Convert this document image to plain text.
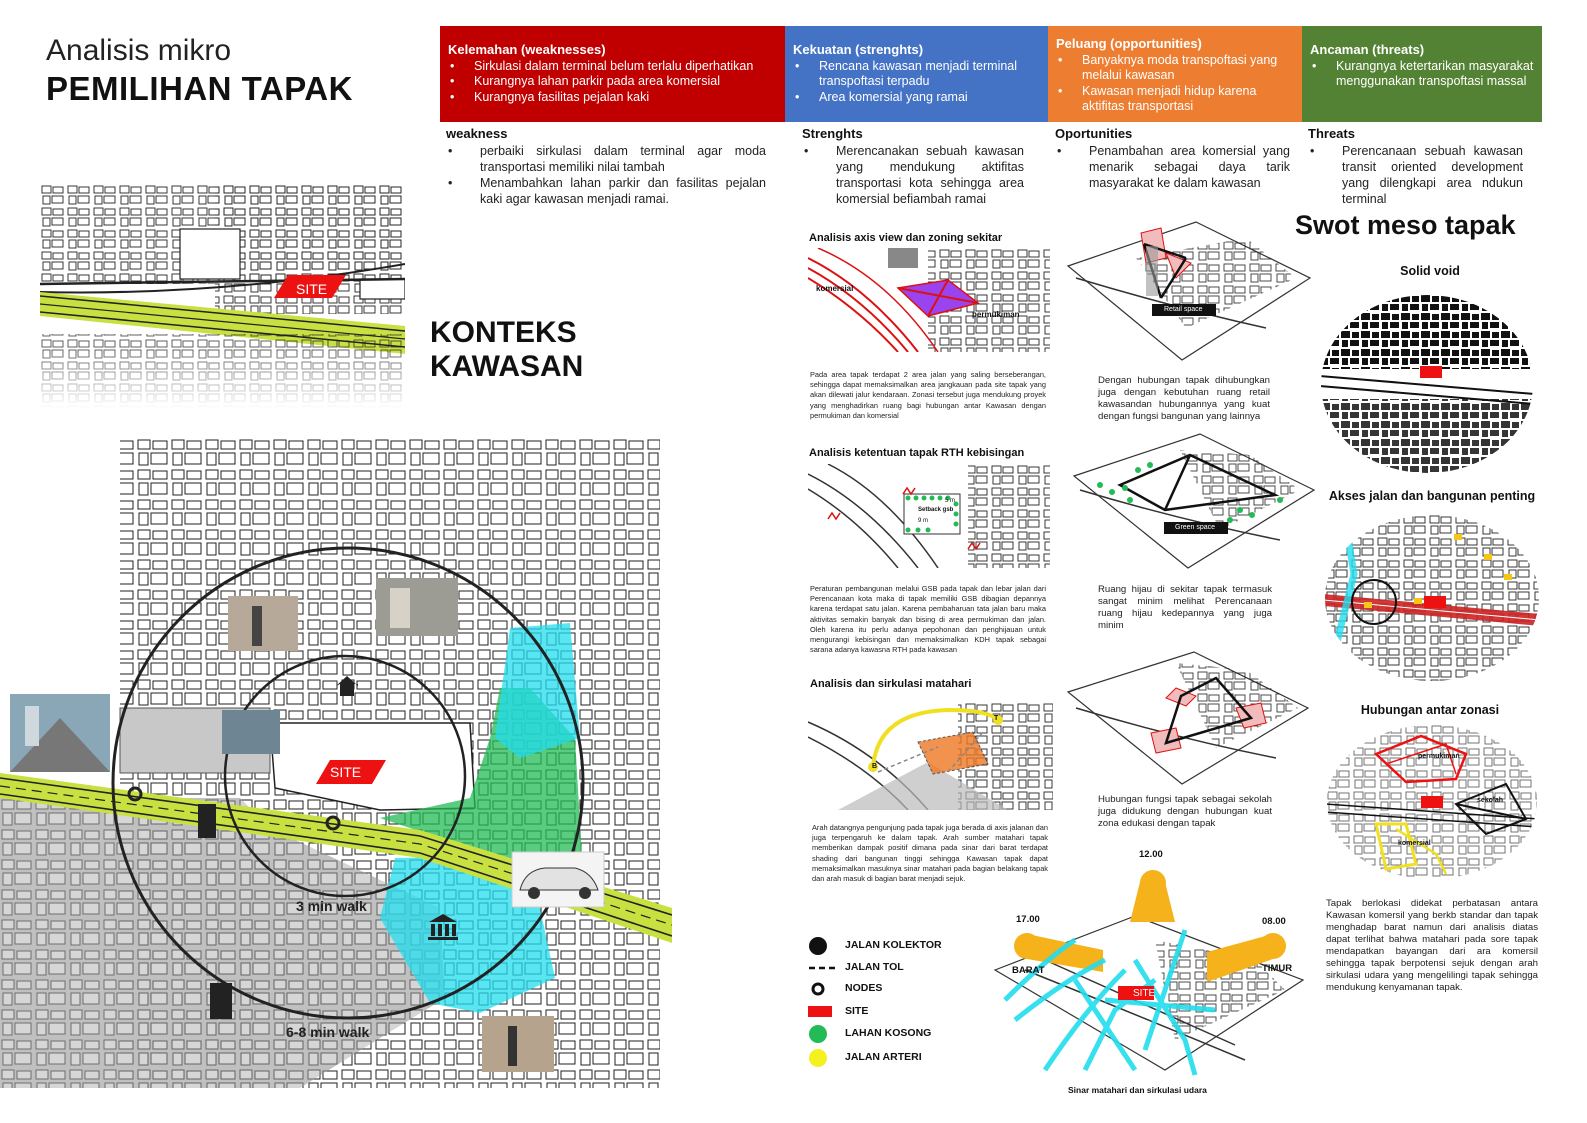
Analisis mikro
PEMILIHAN TAPAK
Kelemahan (weaknesses)
• Sirkulasi dalam terminal belum terlalu diperhatikan
• Kurangnya lahan parkir pada area komersial
• Kurangnya fasilitas pejalan kaki
Kekuatan (strenghts)
• Rencana kawasan menjadi terminal transpoftasi terpadu
• Area komersial yang ramai
Peluang (opportunities)
• Banyaknya moda transpoftasi yang melalui kawasan
• Kawasan menjadi hidup karena aktifitas transportasi
Ancaman (threats)
• Kurangnya ketertarikan masyarakat menggunakan transpoftasi massal
weakness
• perbaiki sirkulasi dalam terminal agar moda transportasi memiliki nilai tambah
• Menambahkan lahan parkir dan fasilitas pejalan kaki agar kawasan menjadi ramai.
Strenghts
• Merencanakan sebuah kawasan yang mendukung aktifitas transportasi kota sehingga area komersial befiambah ramai
Oportunities
• Penambahan area komersial yang menarik sebagai daya tarik masyarakat ke dalam kawasan
Threats
• Perencanaan sebuah kawasan transit oriented development yang dilengkapi area ndukun terminal
SITE
KONTEKS KAWASAN
SITE
3 min walk
6-8 min walk
Analisis axis view dan zoning sekitar
komersial
permukiman
Pada area tapak terdapat 2 area jalan yang saling berseberangan, sehingga dapat memaksimalkan area jangkauan pada site tapak yang akan dilewati jalur kendaraan. Zonasi tersebut juga mendukung proyek yang menghadirkan ruang bagi hubungan antar Kawasan dengan permukiman dan komersial
Analisis ketentuan tapak RTH kebisingan
Setback gsb
5 m
9 m
Peraturan pembangunan melalui GSB pada tapak dan lebar jalan dari Perencanaan kota maka di tapak memiliki GSB dibagian depannya karena terdapat satu jalan. Karena pembaharuan tata jalan baru maka aktivitas semakin banyak dan bising di area permukiman dan jalan. Oleh karena itu perlu adanya pepohonan dan penghijauan untuk mengurangi kebisingan dan memaksimalkan KDH tapak sebagai sarana adanya kawasna RTH pada kawasan
Analisis dan sirkulasi matahari
T
B
Arah datangnya pengunjung pada tapak juga berada di axis jalanan dan juga terpengaruh ke dalam tapak. Arah sumber matahari tapak memberikan dampak positif dimana pada sinar dari barat terdapat shading dari bangunan tinggi sehingga Kawasan tapak dapat memaksimalkan masuknya sinar matahari pada bagian belakang tapak dan arah masuk di bagian barat menjadi sejuk.
Retail space
Dengan hubungan tapak dihubungkan juga dengan kebutuhan ruang retail kawasandan hubungannya yang kuat dengan fungsi bangunan yang lainnya
Green space
Ruang hijau di sekitar tapak termasuk sangat minim melihat Perencanaan ruang hijau kedepannya yang juga minim
Hubungan fungsi tapak sebagai sekolah juga didukung dengan hubungan kuat zona edukasi dengan tapak
Swot meso tapak
Solid void
Akses jalan dan bangunan penting
Hubungan antar zonasi
permukiman
sekolah
komersial
Tapak berlokasi didekat perbatasan antara Kawasan komersil yang berkb standar dan tapak menghadap barat namun dari analisis diatas dapat terlihat bahwa matahari pada sore tapak mendapatkan bayangan dari ara komersil sehingga tapak berpotensi sejuk dengan arah sirkulasi udara yang mengelilingi tapak sehingga mendukung kenyamanan tapak.
JALAN KOLEKTOR
JALAN TOL
NODES
SITE
LAHAN KOSONG
JALAN ARTERI
SITE
12.00
17.00	08.00
BARAT	TIMUR
Sinar matahari dan sirkulasi udara
